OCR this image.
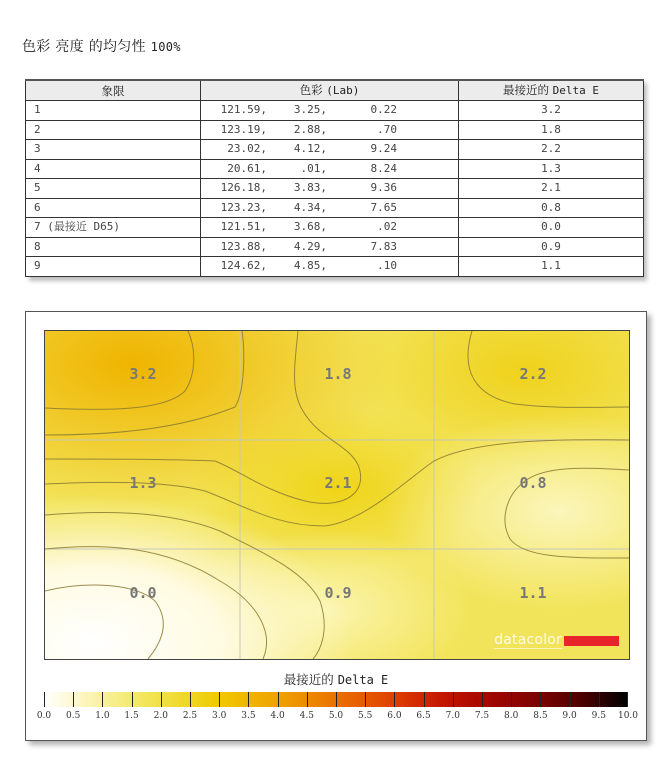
色彩 亮度 的均匀性 100%
象限	色彩 (Lab)	最接近的 Delta E
1	121.59, 3.25, 0.22	3.2
2	123.19, 2.88, .70	1.8
3	23.02, 4.12, 9.24	2.2
4	20.61, .01, 8.24	1.3
5	126.18, 3.83, 9.36	2.1
6	123.23, 4.34, 7.65	0.8
7 (最接近 D65)	121.51, 3.68, .02	0.0
8	123.88, 4.29, 7.83	0.9
9	124.62, 4.85, .10	1.1
3.2	1.8	2.2
1.3	2.1	0.8
0.0	0.9	1.1
datacolor
最接近的 Delta E
0.0 0.5 1.0 1.5 2.0 2.5 3.0 3.5 4.0 4.5 5.0 5.5 6.0 6.5 7.0 7.5 8.0 8.5 9.0 9.5 10.0
